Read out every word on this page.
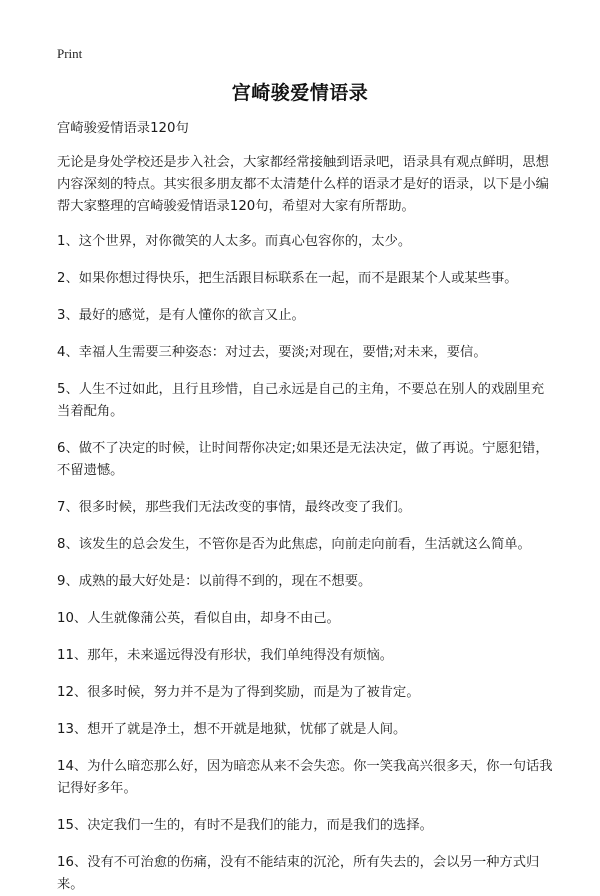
Print
宫崎骏爱情语录

宫崎骏爱情语录120句

无论是身处学校还是步入社会，大家都经常接触到语录吧，语录具有观点鲜明，思想内容深刻的特点。其实很多朋友都不太清楚什么样的语录才是好的语录，以下是小编帮大家整理的宫崎骏爱情语录120句，希望对大家有所帮助。

1、这个世界，对你微笑的人太多。而真心包容你的，太少。

2、如果你想过得快乐，把生活跟目标联系在一起，而不是跟某个人或某些事。

3、最好的感觉，是有人懂你的欲言又止。

4、幸福人生需要三种姿态：对过去，要淡;对现在，要惜;对未来，要信。

5、人生不过如此，且行且珍惜，自己永远是自己的主角，不要总在别人的戏剧里充当着配角。

6、做不了决定的时候，让时间帮你决定;如果还是无法决定，做了再说。宁愿犯错，不留遗憾。

7、很多时候，那些我们无法改变的事情，最终改变了我们。

8、该发生的总会发生，不管你是否为此焦虑，向前走向前看，生活就这么简单。

9、成熟的最大好处是：以前得不到的，现在不想要。

10、人生就像蒲公英，看似自由，却身不由己。

11、那年，未来遥远得没有形状，我们单纯得没有烦恼。

12、很多时候，努力并不是为了得到奖励，而是为了被肯定。

13、想开了就是净土，想不开就是地狱，忧郁了就是人间。

14、为什么暗恋那么好，因为暗恋从来不会失恋。你一笑我高兴很多天，你一句话我记得好多年。

15、决定我们一生的，有时不是我们的能力，而是我们的选择。

16、没有不可治愈的伤痛，没有不能结束的沉沦，所有失去的，会以另一种方式归来。
